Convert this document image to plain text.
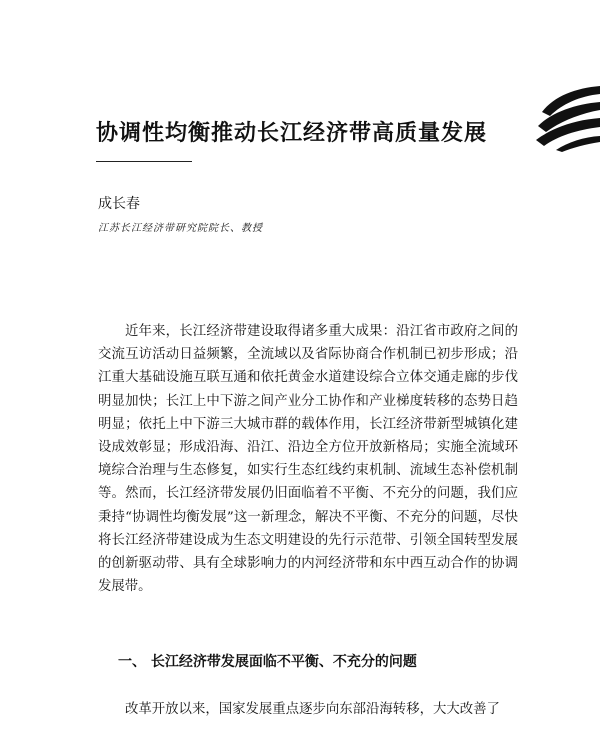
协调性均衡推动长江经济带高质量发展
成长春
江苏长江经济带研究院院长、教授

近年来，长江经济带建设取得诸多重大成果：沿江省市政府之间的交流互访活动日益频繁，全流域以及省际协商合作机制已初步形成；沿江重大基础设施互联互通和依托黄金水道建设综合立体交通走廊的步伐明显加快；长江上中下游之间产业分工协作和产业梯度转移的态势日趋明显；依托上中下游三大城市群的载体作用，长江经济带新型城镇化建设成效彰显；形成沿海、沿江、沿边全方位开放新格局；实施全流域环境综合治理与生态修复，如实行生态红线约束机制、流域生态补偿机制等。然而，长江经济带发展仍旧面临着不平衡、不充分的问题，我们应秉持“协调性均衡发展”这一新理念，解决不平衡、不充分的问题，尽快将长江经济带建设成为生态文明建设的先行示范带、引领全国转型发展的创新驱动带、具有全球影响力的内河经济带和东中西互动合作的协调发展带。

一、 长江经济带发展面临不平衡、不充分的问题

改革开放以来，国家发展重点逐步向东部沿海转移，大大改善了
